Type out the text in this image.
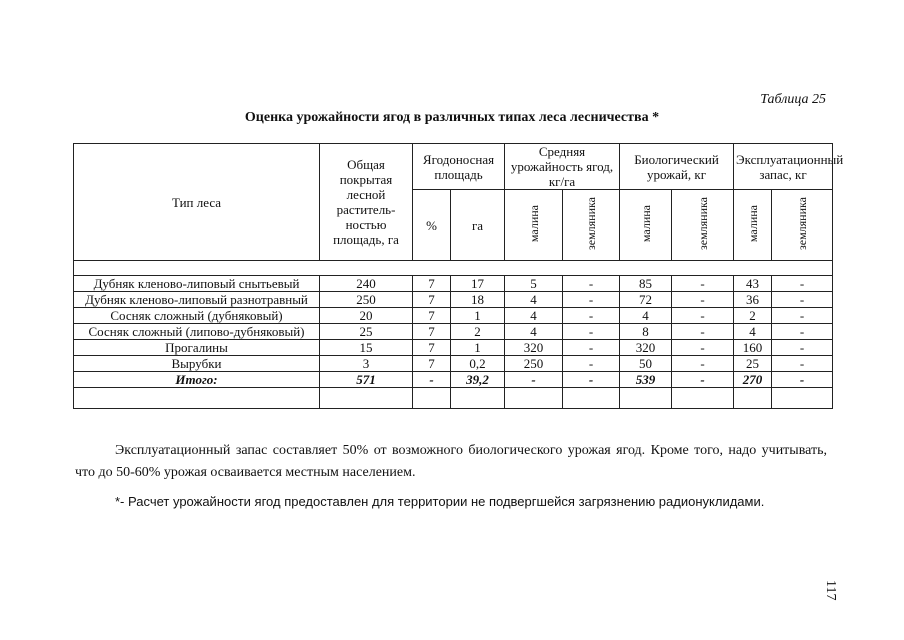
Таблица 25
Оценка урожайности ягод в различных типах леса лесничества *
Тип леса	Общая покрытая лесной раститель-ностью площадь, га	Ягодоносная площадь		Средняя урожайность ягод, кг/га		Биологический урожай, кг		Эксплуатационный запас, кг	
		%	га	малина	земляника	малина	земляника	малина	земляника

Дубняк кленово-липовый снытьевый	240	7	17	5	-	85	-	43	-
Дубняк кленово-липовый разнотравный	250	7	18	4	-	72	-	36	-
Сосняк сложный (дубняковый)	20	7	1	4	-	4	-	2	-
Сосняк сложный (липово-дубняковый)	25	7	2	4	-	8	-	4	-
Прогалины	15	7	1	320	-	320	-	160	-
Вырубки	3	7	0,2	250	-	50	-	25	-
Итого:	571	-	39,2	-	-	539	-	270	-

Эксплуатационный запас составляет 50% от возможного биологического урожая ягод. Кроме того, надо учитывать, что до 50-60% урожая осваивается местным населением.
*- Расчет урожайности ягод предоставлен для территории не подвергшейся загрязнению радионуклидами.
117
